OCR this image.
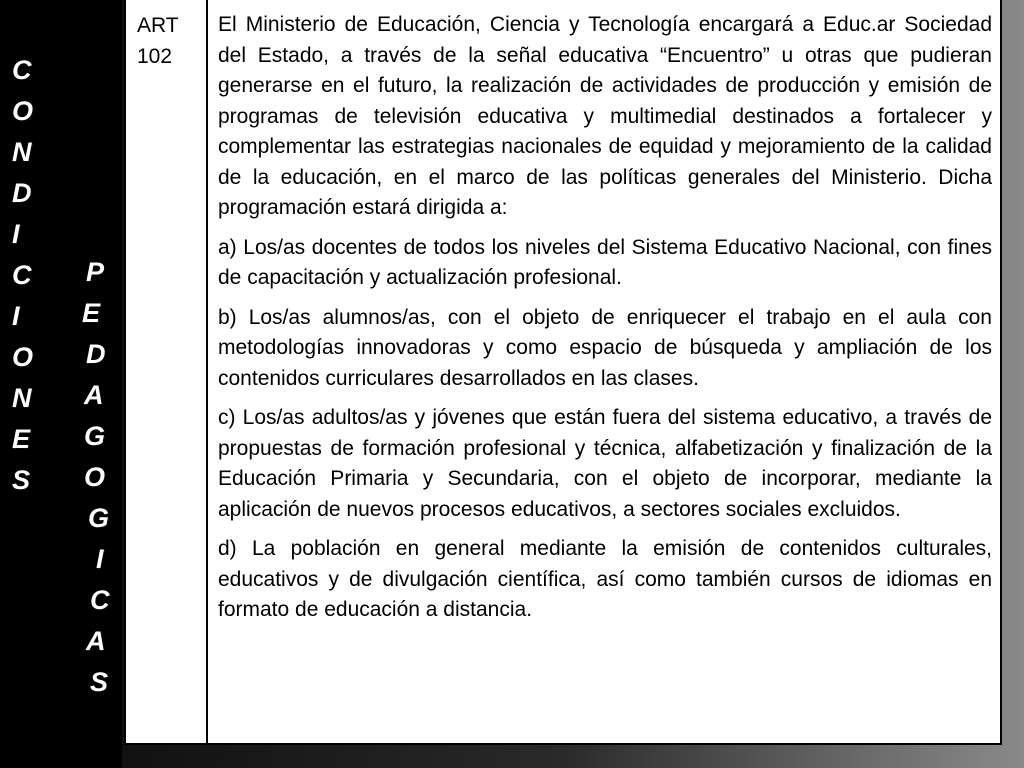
C
O
N
D
I
C
I
O
N
E
S
P
E
D
A
G
O
G
I
C
A
S
ART
102

El Ministerio de Educación, Ciencia y Tecnología encargará a Educ.ar Sociedad del Estado, a través de la señal educativa “Encuentro” u otras que pudieran generarse en el futuro, la realización de actividades de producción y emisión de programas de televisión educativa y multimedial destinados a fortalecer y complementar las estrategias nacionales de equidad y mejoramiento de la calidad de la educación, en el marco de las políticas generales del Ministerio. Dicha programación estará dirigida a:

a) Los/as docentes de todos los niveles del Sistema Educativo Nacional, con fines de capacitación y actualización profesional.

b) Los/as alumnos/as, con el objeto de enriquecer el trabajo en el aula con metodologías innovadoras y como espacio de búsqueda y ampliación de los contenidos curriculares desarrollados en las clases.

c) Los/as adultos/as y jóvenes que están fuera del sistema educativo, a través de propuestas de formación profesional y técnica, alfabetización y finalización de la Educación Primaria y Secundaria, con el objeto de incorporar, mediante la aplicación de nuevos procesos educativos, a sectores sociales excluidos.

d) La población en general mediante la emisión de contenidos culturales, educativos y de divulgación científica, así como también cursos de idiomas en formato de educación a distancia.
